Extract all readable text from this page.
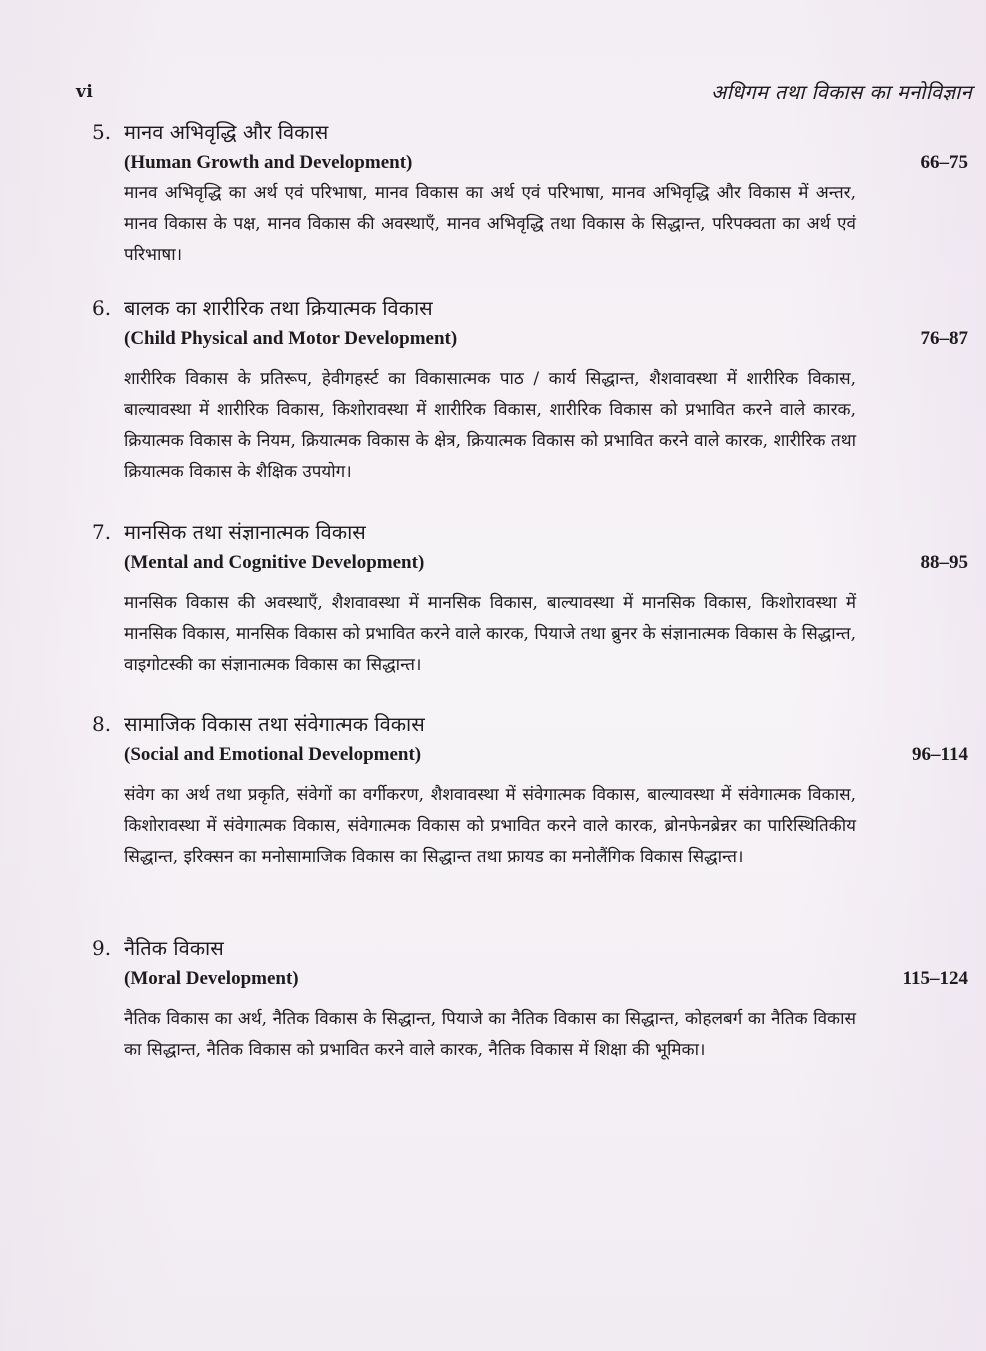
vi	अधिगम तथा विकास का मनोविज्ञान
5. मानव अभिवृद्धि और विकास
(Human Growth and Development)	66–75
मानव अभिवृद्धि का अर्थ एवं परिभाषा, मानव विकास का अर्थ एवं परिभाषा, मानव अभिवृद्धि और विकास में अन्तर, मानव विकास के पक्ष, मानव विकास की अवस्थाएँ, मानव अभिवृद्धि तथा विकास के सिद्धान्त, परिपक्वता का अर्थ एवं परिभाषा।
6. बालक का शारीरिक तथा क्रियात्मक विकास
(Child Physical and Motor Development)	76–87
शारीरिक विकास के प्रतिरूप, हेवीगहर्स्ट का विकासात्मक पाठ / कार्य सिद्धान्त, शैशवावस्था में शारीरिक विकास, बाल्यावस्था में शारीरिक विकास, किशोरावस्था में शारीरिक विकास, शारीरिक विकास को प्रभावित करने वाले कारक, क्रियात्मक विकास के नियम, क्रियात्मक विकास के क्षेत्र, क्रियात्मक विकास को प्रभावित करने वाले कारक, शारीरिक तथा क्रियात्मक विकास के शैक्षिक उपयोग।
7. मानसिक तथा संज्ञानात्मक विकास
(Mental and Cognitive Development)	88–95
मानसिक विकास की अवस्थाएँ, शैशवावस्था में मानसिक विकास, बाल्यावस्था में मानसिक विकास, किशोरावस्था में मानसिक विकास, मानसिक विकास को प्रभावित करने वाले कारक, पियाजे तथा ब्रुनर के संज्ञानात्मक विकास के सिद्धान्त, वाइगोटस्की का संज्ञानात्मक विकास का सिद्धान्त।
8. सामाजिक विकास तथा संवेगात्मक विकास
(Social and Emotional Development)	96–114
संवेग का अर्थ तथा प्रकृति, संवेगों का वर्गीकरण, शैशवावस्था में संवेगात्मक विकास, बाल्यावस्था में संवेगात्मक विकास, किशोरावस्था में संवेगात्मक विकास, संवेगात्मक विकास को प्रभावित करने वाले कारक, ब्रोनफेनब्रेन्नर का पारिस्थितिकीय सिद्धान्त, इरिक्सन का मनोसामाजिक विकास का सिद्धान्त तथा फ्रायड का मनोलैंगिक विकास सिद्धान्त।
9. नैतिक विकास
(Moral Development)	115–124
नैतिक विकास का अर्थ, नैतिक विकास के सिद्धान्त, पियाजे का नैतिक विकास का सिद्धान्त, कोहलबर्ग का नैतिक विकास का सिद्धान्त, नैतिक विकास को प्रभावित करने वाले कारक, नैतिक विकास में शिक्षा की भूमिका।
